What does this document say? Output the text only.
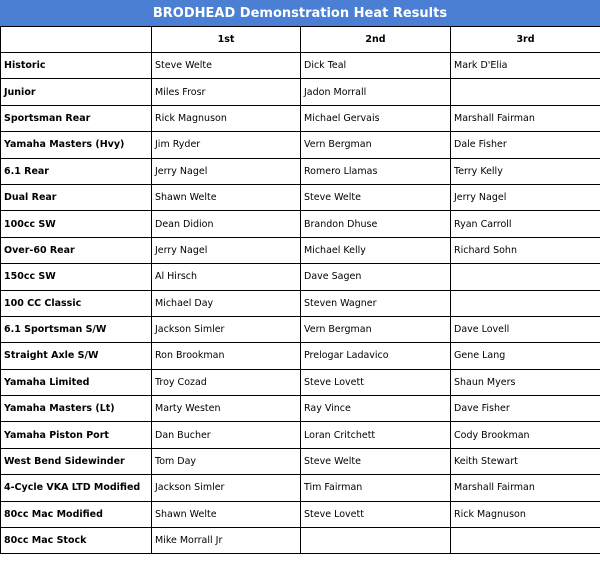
BRODHEAD Demonstration Heat Results
	1st	2nd	3rd
Historic	Steve Welte	Dick Teal	Mark D'Elia
Junior	Miles Frosr	Jadon Morrall	
Sportsman Rear	Rick Magnuson	Michael Gervais	Marshall Fairman
Yamaha Masters (Hvy)	Jim Ryder	Vern Bergman	Dale Fisher
6.1 Rear	Jerry Nagel	Romero Llamas	Terry Kelly
Dual Rear	Shawn Welte	Steve Welte	Jerry Nagel
100cc SW	Dean Didion	Brandon Dhuse	Ryan Carroll
Over-60 Rear	Jerry Nagel	Michael Kelly	Richard Sohn
150cc SW	Al Hirsch	Dave Sagen	
100 CC Classic	Michael Day	Steven Wagner	
6.1 Sportsman S/W	Jackson Simler	Vern Bergman	Dave Lovell
Straight Axle S/W	Ron Brookman	Prelogar Ladavico	Gene Lang
Yamaha Limited	Troy Cozad	Steve Lovett	Shaun Myers
Yamaha Masters (Lt)	Marty Westen	Ray Vince	Dave Fisher
Yamaha Piston Port	Dan Bucher	Loran Critchett	Cody Brookman
West Bend Sidewinder	Tom Day	Steve Welte	Keith Stewart
4-Cycle VKA LTD Modified	Jackson Simler	Tim Fairman	Marshall Fairman
80cc Mac Modified	Shawn Welte	Steve Lovett	Rick Magnuson
80cc Mac Stock	Mike Morrall Jr		
